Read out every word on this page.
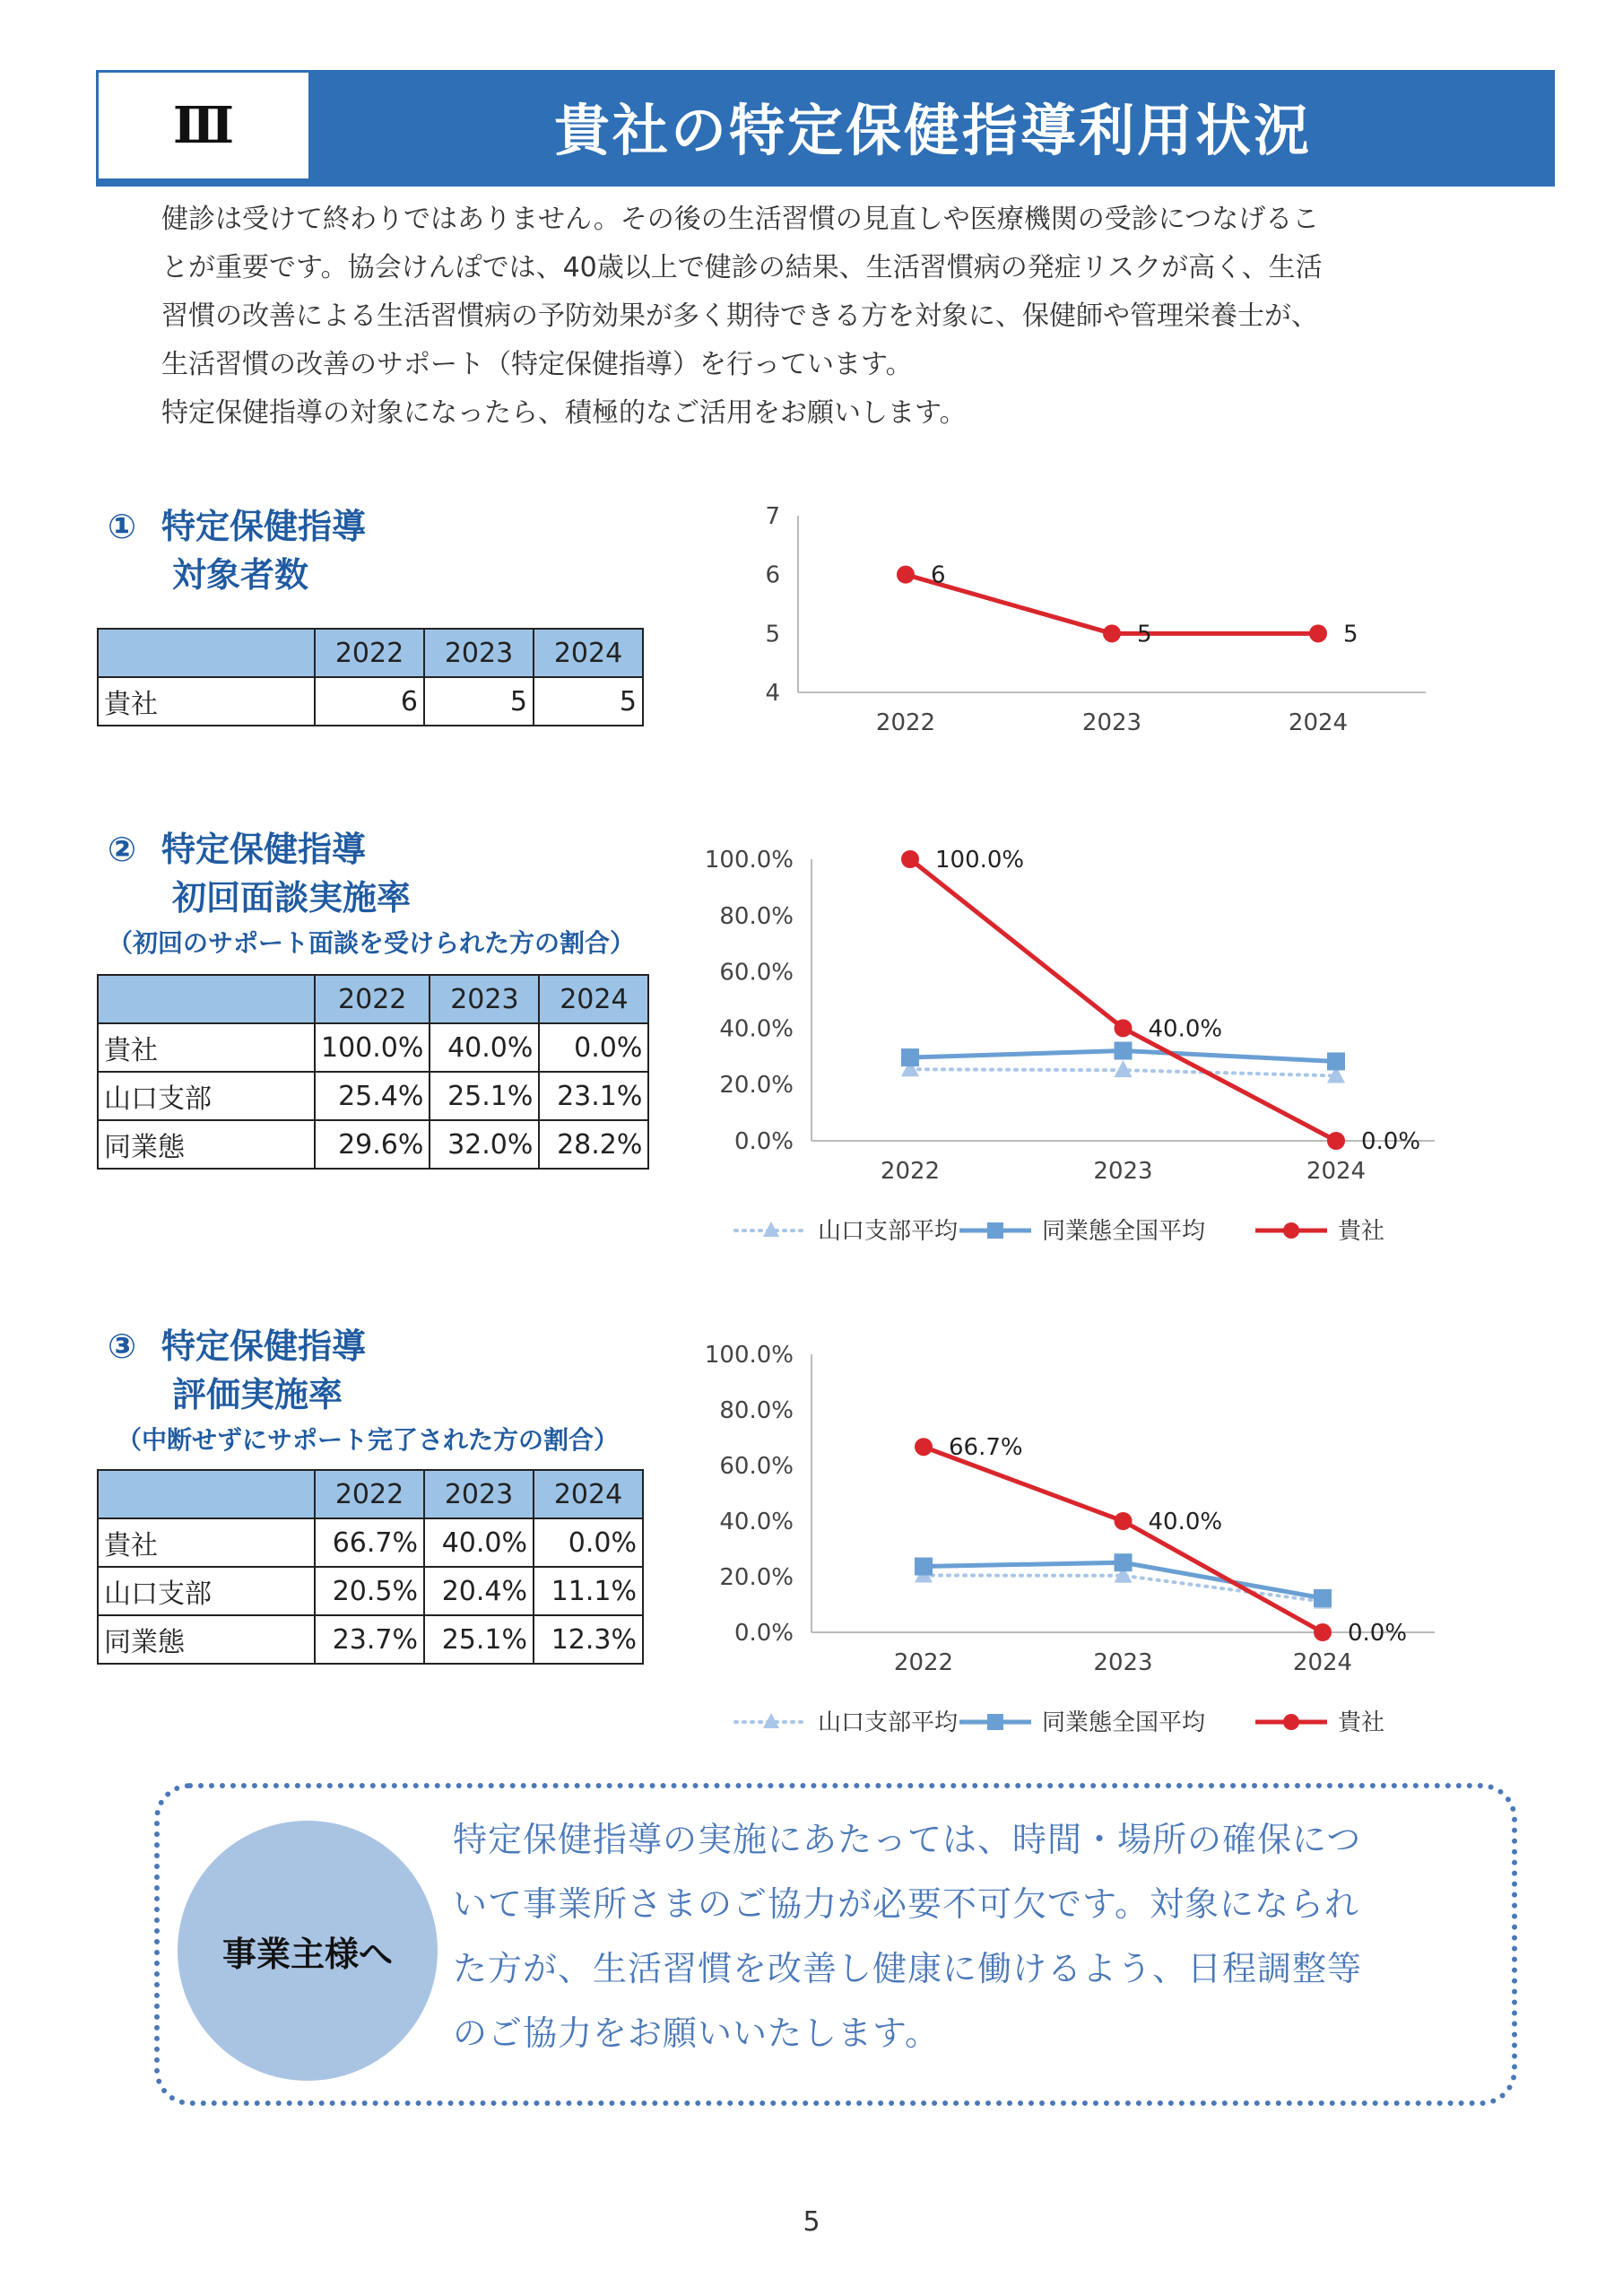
Ⅲ	貴社の特定保健指導利用状況

健診は受けて終わりではありません。その後の生活習慣の見直しや医療機関の受診につなげるこ

とが重要です。協会けんぽでは、40歳以上で健診の結果、生活習慣病の発症リスクが高く、生活

習慣の改善による生活習慣病の予防効果が多く期待できる方を対象に、保健師や管理栄養士が、

生活習慣の改善のサポート（特定保健指導）を行っています。

特定保健指導の対象になったら、積極的なご活用をお願いします。

① 特定保健指導
対象者数
	2022	2023	2024
貴社	6	5	5
② 特定保健指導
初回面談実施率
（初回のサポート面談を受けられた方の割合）
	2022	2023	2024
貴社	100.0%	40.0%	0.0%
山口支部	25.4%	25.1%	23.1%
同業態	29.6%	32.0%	28.2%
③ 特定保健指導
評価実施率
（中断せずにサポート完了された方の割合）
	2022	2023	2024
貴社	66.7%	40.0%	0.0%
山口支部	20.5%	20.4%	11.1%
同業態	23.7%	25.1%	12.3%
4
5
6
7
2022	2023	2024
6
5	5
0.0%
20.0%
40.0%
60.0%
80.0%
100.0%
2022	2023	2024
100.0%
40.0%
0.0%
山口支部平均	同業態全国平均	貴社
0.0%
20.0%
40.0%
60.0%
80.0%
100.0%
2022	2023	2024
66.7%
40.0%
0.0%
山口支部平均	同業態全国平均	貴社
事業主様へ
特定保健指導の実施にあたっては、時間・場所の確保につ
いて事業所さまのご協力が必要不可欠です。対象になられ
た方が、生活習慣を改善し健康に働けるよう、日程調整等
のご協力をお願いいたします。
5
